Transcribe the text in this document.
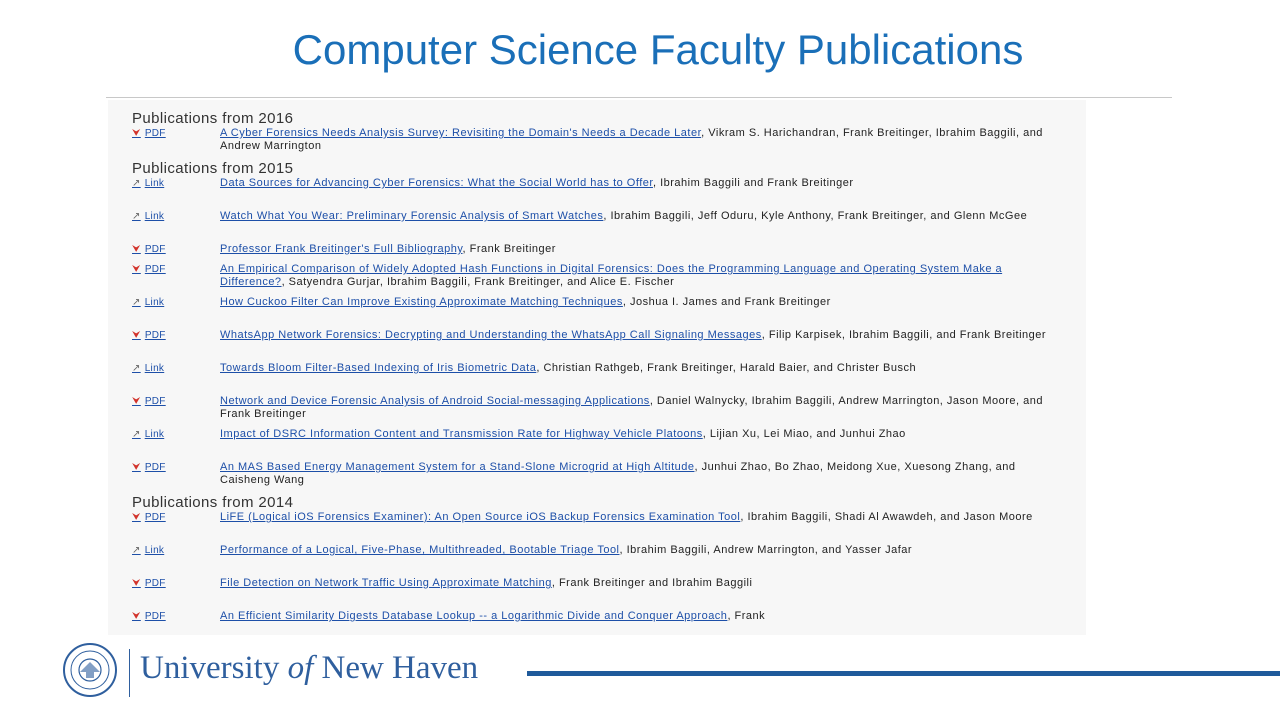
Computer Science Faculty Publications
Publications from 2016
⮟ PDF	A Cyber Forensics Needs Analysis Survey: Revisiting the Domain's Needs a Decade Later, Vikram S. Harichandran, Frank Breitinger, Ibrahim Baggili, and Andrew Marrington
Publications from 2015
↗ Link	Data Sources for Advancing Cyber Forensics: What the Social World has to Offer, Ibrahim Baggili and Frank Breitinger
↗ Link	Watch What You Wear: Preliminary Forensic Analysis of Smart Watches, Ibrahim Baggili, Jeff Oduru, Kyle Anthony, Frank Breitinger, and Glenn McGee
⮟ PDF	Professor Frank Breitinger's Full Bibliography, Frank Breitinger
⮟ PDF	An Empirical Comparison of Widely Adopted Hash Functions in Digital Forensics: Does the Programming Language and Operating System Make a Difference?, Satyendra Gurjar, Ibrahim Baggili, Frank Breitinger, and Alice E. Fischer
↗ Link	How Cuckoo Filter Can Improve Existing Approximate Matching Techniques, Joshua I. James and Frank Breitinger
⮟ PDF	WhatsApp Network Forensics: Decrypting and Understanding the WhatsApp Call Signaling Messages, Filip Karpisek, Ibrahim Baggili, and Frank Breitinger
↗ Link	Towards Bloom Filter-Based Indexing of Iris Biometric Data, Christian Rathgeb, Frank Breitinger, Harald Baier, and Christer Busch
⮟ PDF	Network and Device Forensic Analysis of Android Social-messaging Applications, Daniel Walnycky, Ibrahim Baggili, Andrew Marrington, Jason Moore, and Frank Breitinger
↗ Link	Impact of DSRC Information Content and Transmission Rate for Highway Vehicle Platoons, Lijian Xu, Lei Miao, and Junhui Zhao
⮟ PDF	An MAS Based Energy Management System for a Stand-Slone Microgrid at High Altitude, Junhui Zhao, Bo Zhao, Meidong Xue, Xuesong Zhang, and Caisheng Wang
Publications from 2014
⮟ PDF	LiFE (Logical iOS Forensics Examiner): An Open Source iOS Backup Forensics Examination Tool, Ibrahim Baggili, Shadi Al Awawdeh, and Jason Moore
↗ Link	Performance of a Logical, Five-Phase, Multithreaded, Bootable Triage Tool, Ibrahim Baggili, Andrew Marrington, and Yasser Jafar
⮟ PDF	File Detection on Network Traffic Using Approximate Matching, Frank Breitinger and Ibrahim Baggili
⮟ PDF	An Efficient Similarity Digests Database Lookup -- a Logarithmic Divide and Conquer Approach, Frank
University of New Haven
